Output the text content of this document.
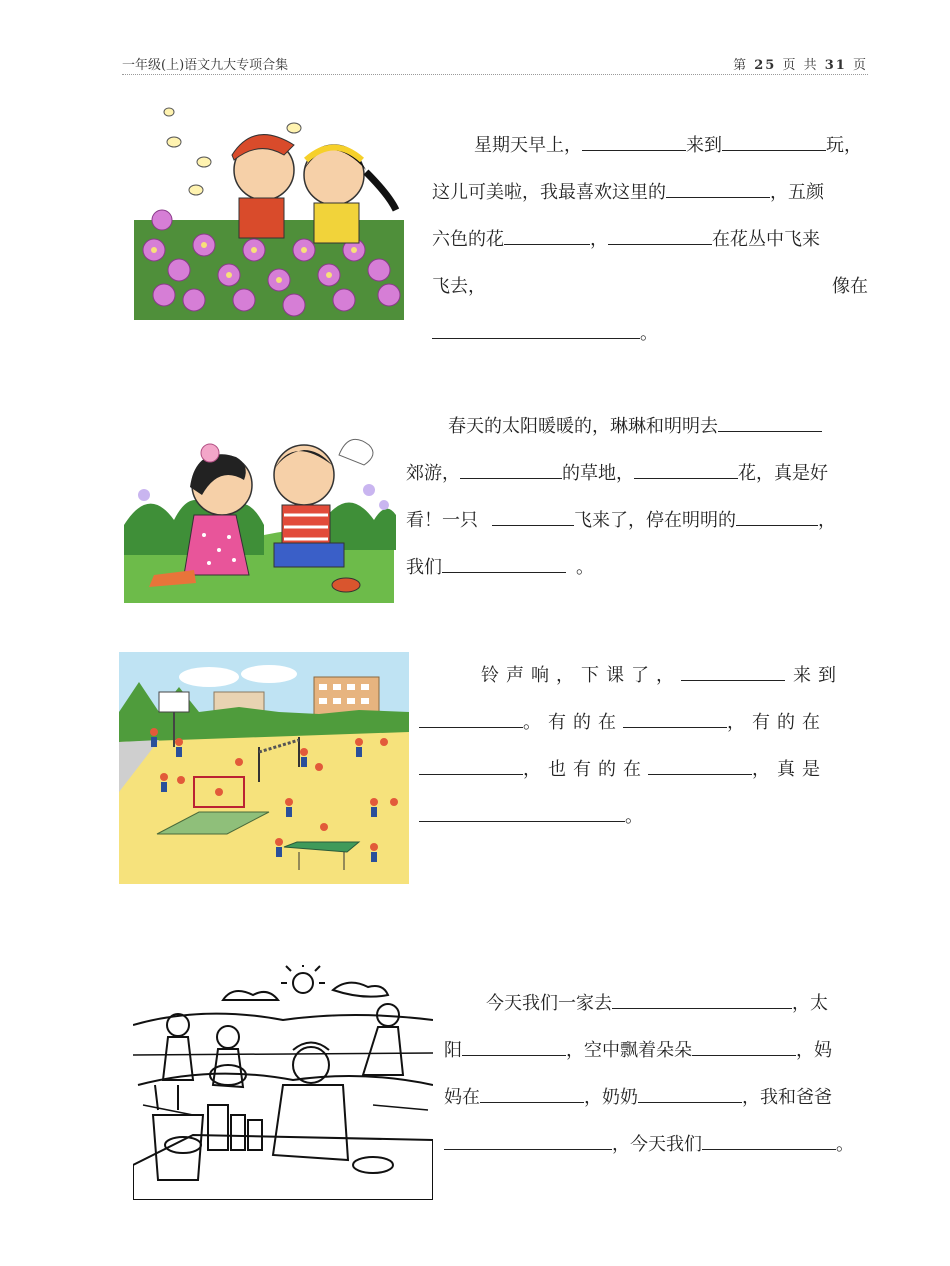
一年级(上)语文九大专项合集	第 25 页 共 31 页
星期天早上，	来到	玩，
这儿可美啦，我最喜欢这里的	，五颜
六色的花	，	在花丛中飞来
飞去，	像在
。
春天的太阳暖暖的，琳琳和明明去
郊游，	的草地，	花，真是好
看！一只	飞来了，停在明明的	，
我们	。
铃声响，下课了，	来到
。有的在	，有的在
，也有的在	，真是
。
今天我们一家去	，太
阳	，空中飘着朵朵	，妈
妈在	，奶奶	，我和爸爸
，今天我们	。
